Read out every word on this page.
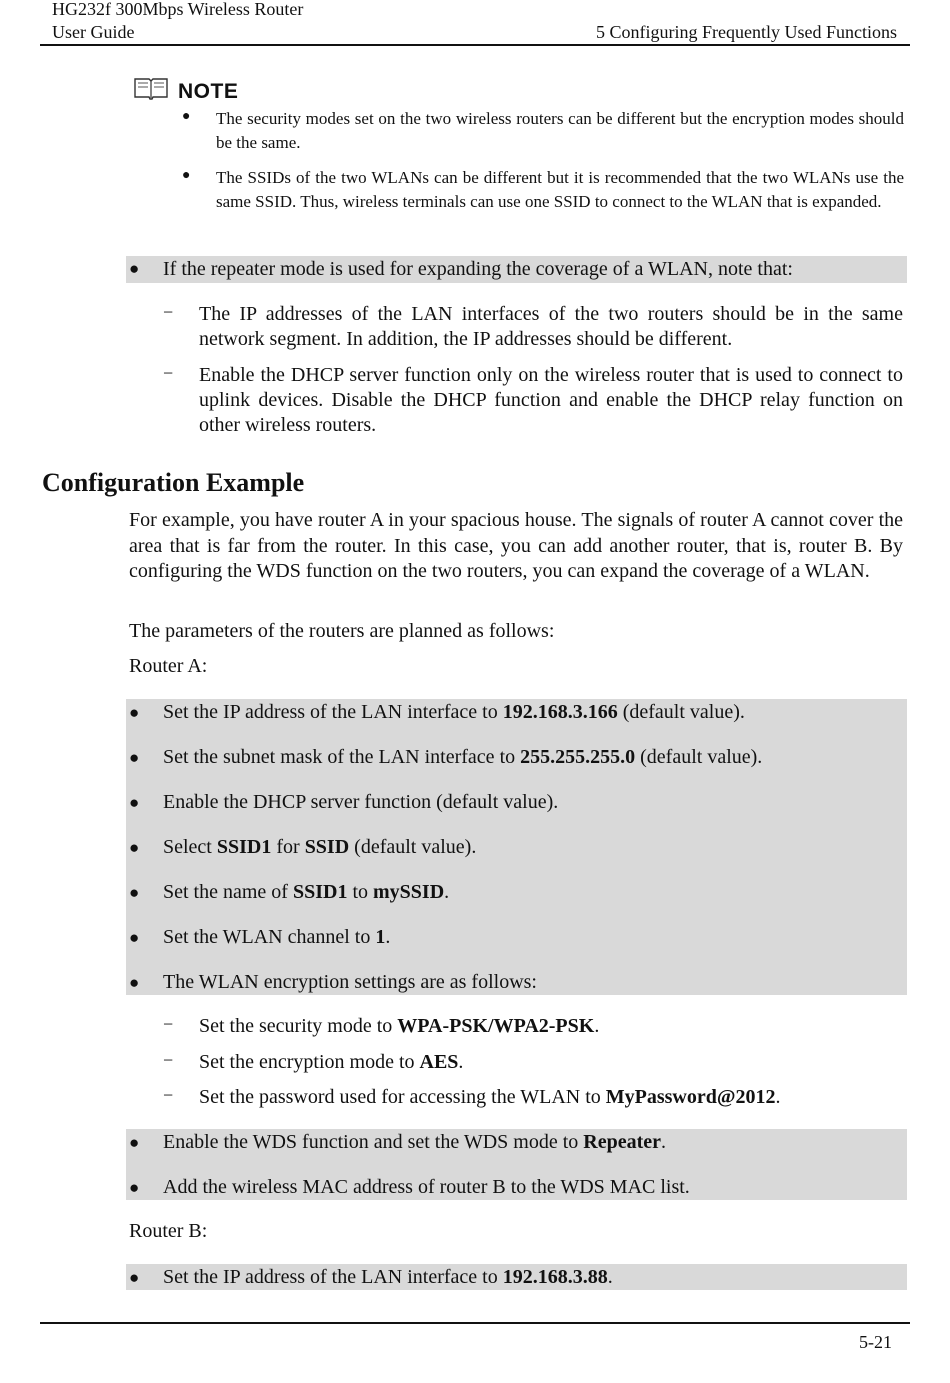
HG232f 300Mbps Wireless Router
User Guide	5 Configuring Frequently Used Functions
NOTE
● The security modes set on the two wireless routers can be different but the encryption modes should be the same.
● The SSIDs of the two WLANs can be different but it is recommended that the two WLANs use the same SSID. Thus, wireless terminals can use one SSID to connect to the WLAN that is expanded.
● If the repeater mode is used for expanding the coverage of a WLAN, note that:
− The IP addresses of the LAN interfaces of the two routers should be in the same network segment. In addition, the IP addresses should be different.
− Enable the DHCP server function only on the wireless router that is used to connect to uplink devices. Disable the DHCP function and enable the DHCP relay function on other wireless routers.
Configuration Example
For example, you have router A in your spacious house. The signals of router A cannot cover the area that is far from the router. In this case, you can add another router, that is, router B. By configuring the WDS function on the two routers, you can expand the coverage of a WLAN.
The parameters of the routers are planned as follows:
Router A:
● Set the IP address of the LAN interface to 192.168.3.166 (default value).
● Set the subnet mask of the LAN interface to 255.255.255.0 (default value).
● Enable the DHCP server function (default value).
● Select SSID1 for SSID (default value).
● Set the name of SSID1 to mySSID.
● Set the WLAN channel to 1.
● The WLAN encryption settings are as follows:
− Set the security mode to WPA-PSK/WPA2-PSK.
− Set the encryption mode to AES.
− Set the password used for accessing the WLAN to MyPassword@2012.
● Enable the WDS function and set the WDS mode to Repeater.
● Add the wireless MAC address of router B to the WDS MAC list.
Router B:
● Set the IP address of the LAN interface to 192.168.3.88.
5-21
